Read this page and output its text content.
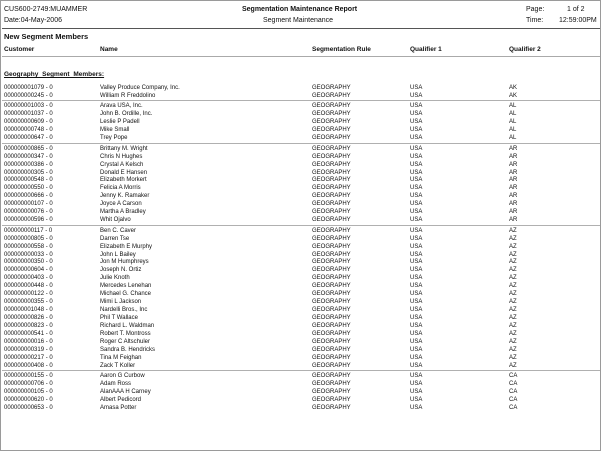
CUS600-2749:MUAMMER
Date:04-May-2006
Segmentation Maintenance Report
Segment Maintenance
Page:	1 of 2
Time: 12:59:00PM
New Segment Members
Customer	Name	Segmentation Rule	Qualifier 1	Qualifier 2
Geography Segment Members:
000000001079 - 0	Valley Produce Company, Inc.	GEOGRAPHY	USA	AK
000000000245 - 0	William R Freddolino	GEOGRAPHY	USA	AK
000000001003 - 0	Arava USA, Inc.	GEOGRAPHY	USA	AL
000000001037 - 0	John B. Ordille, Inc.	GEOGRAPHY	USA	AL
000000000609 - 0	Leslie P Padell	GEOGRAPHY	USA	AL
000000000748 - 0	Mike Small	GEOGRAPHY	USA	AL
000000000647 - 0	Trey Pope	GEOGRAPHY	USA	AL
000000000865 - 0	Brittany M. Wright	GEOGRAPHY	USA	AR
000000000347 - 0	Chris N Hughes	GEOGRAPHY	USA	AR
000000000386 - 0	Crystal A Kelsch	GEOGRAPHY	USA	AR
000000000305 - 0	Donald E Hansen	GEOGRAPHY	USA	AR
000000000548 - 0	Elizabeth Morkert	GEOGRAPHY	USA	AR
000000000550 - 0	Felicia A Morris	GEOGRAPHY	USA	AR
000000000666 - 0	Jenny K. Ramaker	GEOGRAPHY	USA	AR
000000000107 - 0	Joyce A Carson	GEOGRAPHY	USA	AR
000000000076 - 0	Martha A Bradley	GEOGRAPHY	USA	AR
000000000596 - 0	Whit Ojalvo	GEOGRAPHY	USA	AR
000000000117 - 0	Ben C. Caver	GEOGRAPHY	USA	AZ
000000000805 - 0	Darren Tse	GEOGRAPHY	USA	AZ
000000000558 - 0	Elizabeth E Murphy	GEOGRAPHY	USA	AZ
000000000033 - 0	John L Bailey	GEOGRAPHY	USA	AZ
000000000350 - 0	Jon M Humphreys	GEOGRAPHY	USA	AZ
000000000604 - 0	Joseph N. Ortiz	GEOGRAPHY	USA	AZ
000000000403 - 0	Julie Knoth	GEOGRAPHY	USA	AZ
000000000448 - 0	Mercedes Lenehan	GEOGRAPHY	USA	AZ
000000000122 - 0	Michael G. Chance	GEOGRAPHY	USA	AZ
000000000355 - 0	Mimi L Jackson	GEOGRAPHY	USA	AZ
000000001048 - 0	Nardelli Bros., Inc	GEOGRAPHY	USA	AZ
000000000826 - 0	Phil T Wallace	GEOGRAPHY	USA	AZ
000000000823 - 0	Richard L. Waldman	GEOGRAPHY	USA	AZ
000000000541 - 0	Robert T. Montross	GEOGRAPHY	USA	AZ
000000000016 - 0	Roger C Altschuler	GEOGRAPHY	USA	AZ
000000000319 - 0	Sandra B. Hendricks	GEOGRAPHY	USA	AZ
000000000217 - 0	Tina M Feighan	GEOGRAPHY	USA	AZ
000000000408 - 0	Zack T Koller	GEOGRAPHY	USA	AZ
000000000155 - 0	Aaron G Curbow	GEOGRAPHY	USA	CA
000000000706 - 0	Adam Ross	GEOGRAPHY	USA	CA
000000000105 - 0	AlanAAA H Carney	GEOGRAPHY	USA	CA
000000000620 - 0	Albert Pedicord	GEOGRAPHY	USA	CA
000000000653 - 0	Amasa Potter	GEOGRAPHY	USA	CA
